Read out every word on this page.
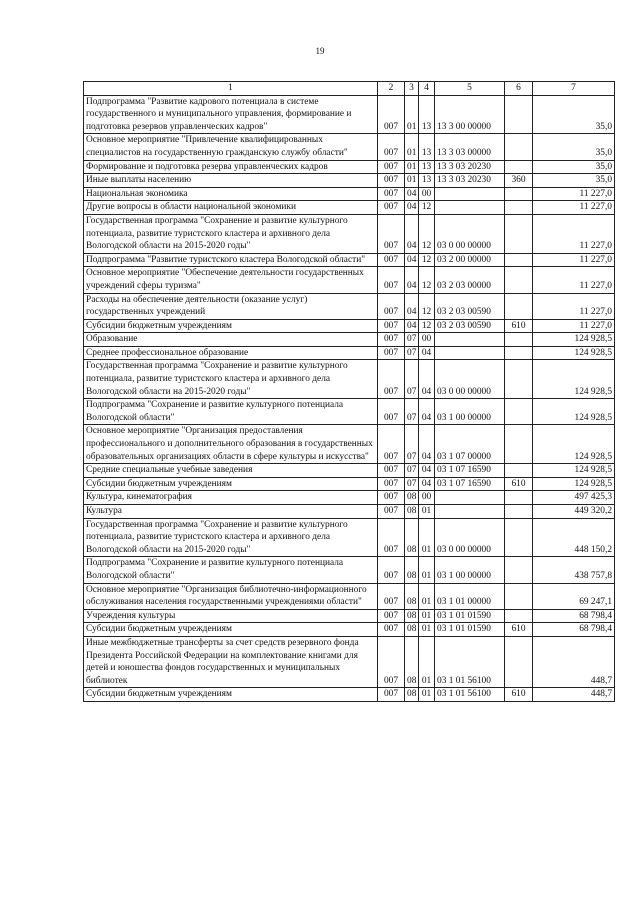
19
1	2	3	4	5	6	7
Подпрограмма "Развитие кадрового потенциала в системе государственного и муниципального управления, формирование и подготовка резервов управленческих кадров"	007	01	13	13 3 00 00000		35,0
Основное мероприятие "Привлечение квалифицированных специалистов на государственную гражданскую службу области"	007	01	13	13 3 03 00000		35,0
Формирование и подготовка резерва управленческих кадров	007	01	13	13 3 03 20230		35,0
Иные выплаты населению	007	01	13	13 3 03 20230	360	35,0
Национальная экономика	007	04	00			11 227,0
Другие вопросы в области национальной экономики	007	04	12			11 227,0
Государственная программа "Сохранение и развитие культурного потенциала, развитие туристского кластера и архивного дела Вологодской области на 2015-2020 годы"	007	04	12	03 0 00 00000		11 227,0
Подпрограмма "Развитие туристского кластера Вологодской области"	007	04	12	03 2 00 00000		11 227,0
Основное мероприятие "Обеспечение деятельности государственных учреждений сферы туризма"	007	04	12	03 2 03 00000		11 227,0
Расходы на обеспечение деятельности (оказание услуг) государственных учреждений	007	04	12	03 2 03 00590		11 227,0
Субсидии бюджетным учреждениям	007	04	12	03 2 03 00590	610	11 227,0
Образование	007	07	00			124 928,5
Среднее профессиональное образование	007	07	04			124 928,5
Государственная программа "Сохранение и развитие культурного потенциала, развитие туристского кластера и архивного дела Вологодской области на 2015-2020 годы"	007	07	04	03 0 00 00000		124 928,5
Подпрограмма "Сохранение и развитие культурного потенциала Вологодской области"	007	07	04	03 1 00 00000		124 928,5
Основное мероприятие "Организация предоставления профессионального и дополнительного образования в государственных образовательных организациях области в сфере культуры и искусства"	007	07	04	03 1 07 00000		124 928,5
Средние специальные учебные заведения	007	07	04	03 1 07 16590		124 928,5
Субсидии бюджетным учреждениям	007	07	04	03 1 07 16590	610	124 928,5
Культура, кинематография	007	08	00			497 425,3
Культура	007	08	01			449 320,2
Государственная программа "Сохранение и развитие культурного потенциала, развитие туристского кластера и архивного дела Вологодской области на 2015-2020 годы"	007	08	01	03 0 00 00000		448 150,2
Подпрограмма "Сохранение и развитие культурного потенциала Вологодской области"	007	08	01	03 1 00 00000		438 757,8
Основное мероприятие "Организация библиотечно-информационного обслуживания населения государственными учреждениями области"	007	08	01	03 1 01 00000		69 247,1
Учреждения культуры	007	08	01	03 1 01 01590		68 798,4
Субсидии бюджетным учреждениям	007	08	01	03 1 01 01590	610	68 798,4
Иные межбюджетные трансферты за счет средств резервного фонда Президента Российской Федерации на комплектование книгами для детей и юношества фондов государственных и муниципальных библиотек	007	08	01	03 1 01 56100		448,7
Субсидии бюджетным учреждениям	007	08	01	03 1 01 56100	610	448,7
